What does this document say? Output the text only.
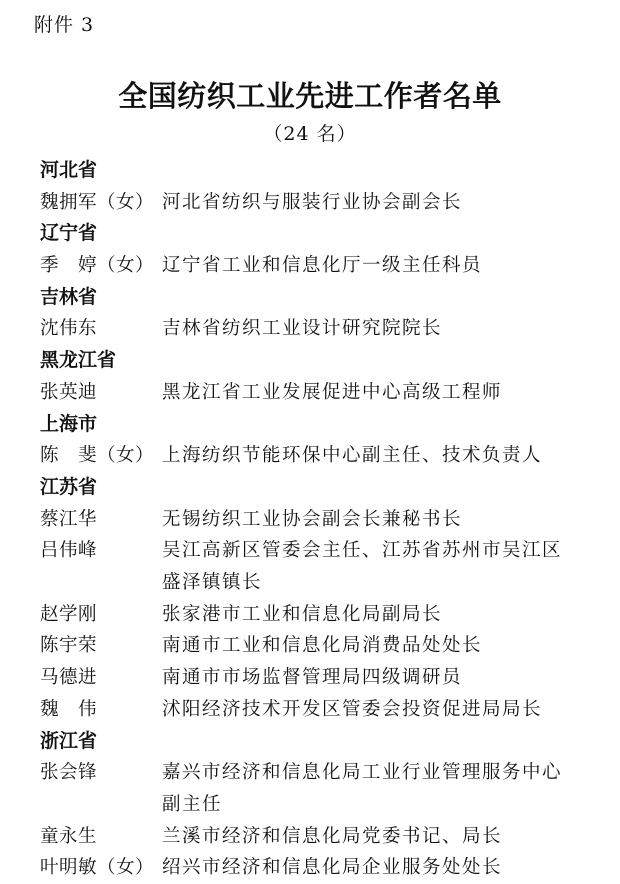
附件 3
全国纺织工业先进工作者名单
（24 名）
河北省
魏拥军（女） 河北省纺织与服装行业协会副会长
辽宁省
季　婷（女） 辽宁省工业和信息化厅一级主任科员
吉林省
沈伟东	吉林省纺织工业设计研究院院长
黑龙江省
张英迪	黑龙江省工业发展促进中心高级工程师
上海市
陈　斐（女） 上海纺织节能环保中心副主任、技术负责人
江苏省
蔡江华	无锡纺织工业协会副会长兼秘书长
吕伟峰	吴江高新区管委会主任、江苏省苏州市吴江区盛泽镇镇长
赵学刚	张家港市工业和信息化局副局长
陈宇荣	南通市工业和信息化局消费品处处长
马德进	南通市市场监督管理局四级调研员
魏　伟	沭阳经济技术开发区管委会投资促进局局长
浙江省
张会锋	嘉兴市经济和信息化局工业行业管理服务中心副主任
童永生	兰溪市经济和信息化局党委书记、局长
叶明敏（女） 绍兴市经济和信息化局企业服务处处长
